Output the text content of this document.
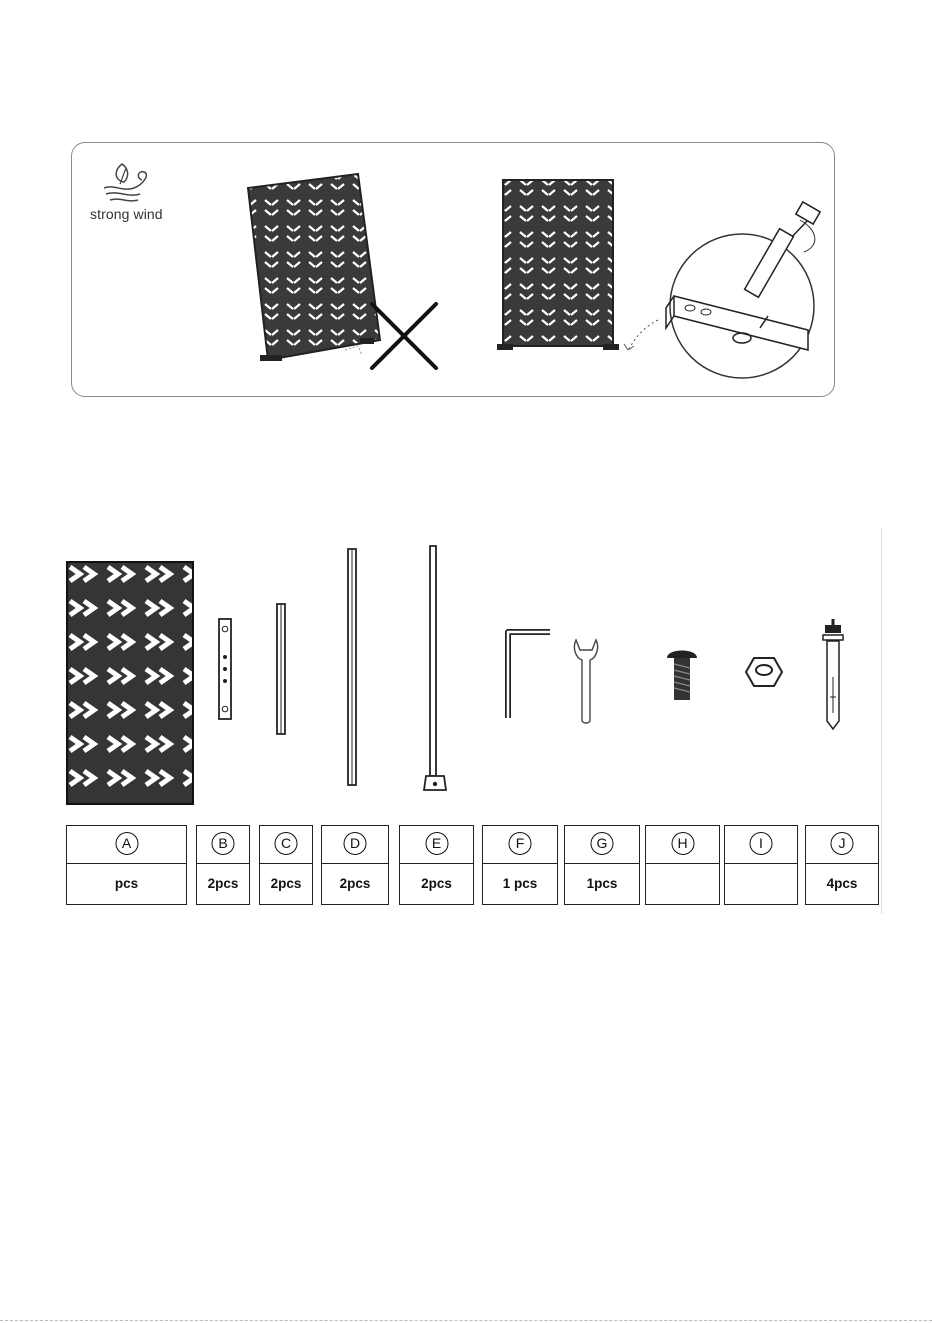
strong wind
A
pcs
B
2pcs
C
2pcs
D
2pcs
E
2pcs
F
1 pcs
G
1pcs
H	I	J
4pcs
